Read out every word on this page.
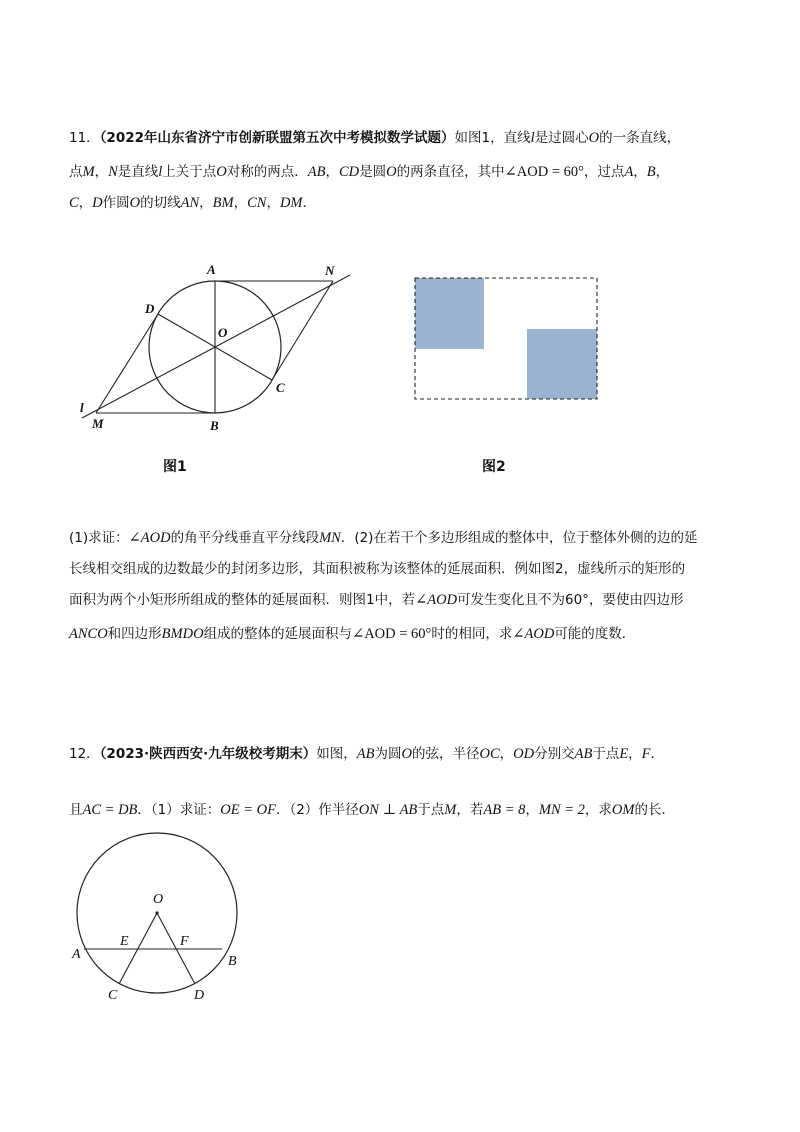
11．（2022年山东省济宁市创新联盟第五次中考模拟数学试题）如图1，直线l是过圆心O的一条直线，
点M，N是直线l上关于点O对称的两点．AB，CD是圆O的两条直径，其中∠AOD = 60°，过点A，B，
C，D作圆O的切线AN，BM，CN，DM．
A	N
D
O
C
l
M	B
图1	图2
(1)求证：∠AOD的角平分线垂直平分线段MN．(2)在若干个多边形组成的整体中，位于整体外侧的边的延
长线相交组成的边数最少的封闭多边形，其面积被称为该整体的延展面积．例如图2，虚线所示的矩形的
面积为两个小矩形所组成的整体的延展面积．则图1中，若∠AOD可发生变化且不为60°，要使由四边形
ANCO和四边形BMDO组成的整体的延展面积与∠AOD = 60°时的相同，求∠AOD可能的度数．
12．（2023·陕西西安·九年级校考期末）如图，AB为圆O的弦，半径OC，OD分别交AB于点E，F．
且AC = DB．（1）求证：OE = OF．（2）作半径ON ⊥ AB于点M，若AB = 8，MN = 2，求OM的长．
O
E	F
A	B
C	D
